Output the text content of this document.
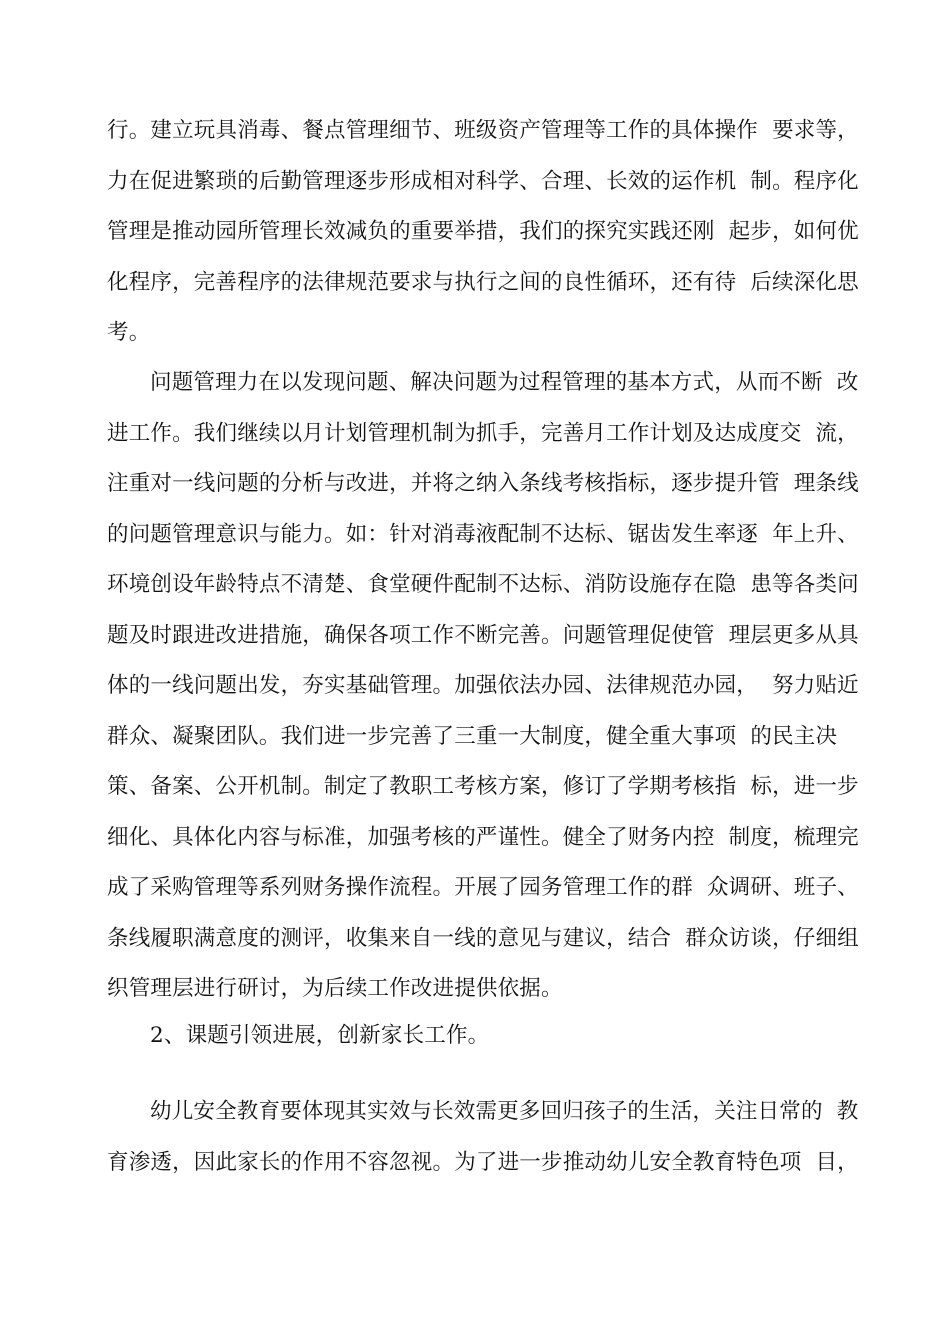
行。建立玩具消毒、餐点管理细节、班级资产管理等工作的具体操作  要求等，
力在促进繁琐的后勤管理逐步形成相对科学、合理、长效的运作机  制。程序化
管理是推动园所管理长效减负的重要举措，我们的探究实践还刚  起步，如何优
化程序，完善程序的法律规范要求与执行之间的良性循环，还有待  后续深化思
考。
问题管理力在以发现问题、解决问题为过程管理的基本方式，从而不断  改
进工作。我们继续以月计划管理机制为抓手，完善月工作计划及达成度交  流，
注重对一线问题的分析与改进，并将之纳入条线考核指标，逐步提升管  理条线
的问题管理意识与能力。如：针对消毒液配制不达标、锯齿发生率逐  年上升、
环境创设年龄特点不清楚、食堂硬件配制不达标、消防设施存在隐  患等各类问
题及时跟进改进措施，确保各项工作不断完善。问题管理促使管  理层更多从具
体的一线问题出发，夯实基础管理。加强依法办园、法律规范办园，  努力贴近
群众、凝聚团队。我们进一步完善了三重一大制度，健全重大事项  的民主决
策、备案、公开机制。制定了教职工考核方案，修订了学期考核指  标，进一步
细化、具体化内容与标准，加强考核的严谨性。健全了财务内控  制度，梳理完
成了采购管理等系列财务操作流程。开展了园务管理工作的群  众调研、班子、
条线履职满意度的测评，收集来自一线的意见与建议，结合  群众访谈，仔细组
织管理层进行研讨，为后续工作改进提供依据。
2、课题引领进展，创新家长工作。
幼儿安全教育要体现其实效与长效需更多回归孩子的生活，关注日常的  教
育渗透，因此家长的作用不容忽视。为了进一步推动幼儿安全教育特色项  目，
